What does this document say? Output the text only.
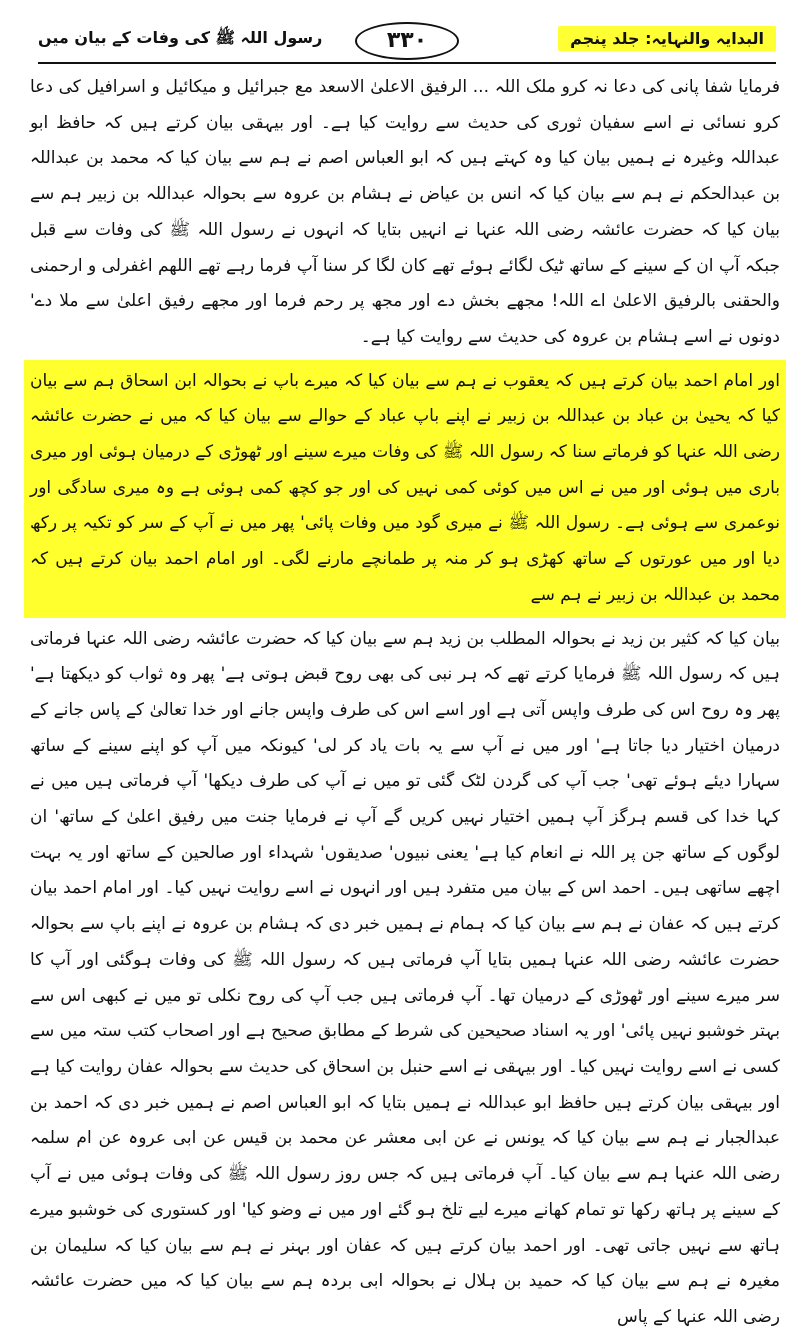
البدایہ والنہایہ: جلد پنجم
۳۳۰
رسول اللہ ﷺ کی وفات کے بیان میں

فرمایا شفا پانی کی دعا نہ کرو ملک اللہ ... الرفیق الاعلیٰ الاسعد مع جبرائیل و میکائیل و اسرافیل کی دعا کرو نسائی نے اسے سفیان ثوری کی حدیث سے روایت کیا ہے۔ اور بیہقی بیان کرتے ہیں کہ حافظ ابو عبداللہ وغیرہ نے ہمیں بیان کیا وہ کہتے ہیں کہ ابو العباس اصم نے ہم سے بیان کیا کہ محمد بن عبداللہ بن عبدالحکم نے ہم سے بیان کیا کہ انس بن عیاض نے ہشام بن عروہ سے بحوالہ عبداللہ بن زبیر ہم سے بیان کیا کہ حضرت عائشہ رضی اللہ عنہا نے انہیں بتایا کہ انہوں نے رسول اللہ ﷺ کی وفات سے قبل جبکہ آپ ان کے سینے کے ساتھ ٹیک لگائے ہوئے تھے کان لگا کر سنا آپ فرما رہے تھے اللھم اغفرلی و ارحمنی والحقنی بالرفیق الاعلیٰ اے اللہ! مجھے بخش دے اور مجھ پر رحم فرما اور مجھے رفیق اعلیٰ سے ملا دے' دونوں نے اسے ہشام بن عروہ کی حدیث سے روایت کیا ہے۔

اور امام احمد بیان کرتے ہیں کہ یعقوب نے ہم سے بیان کیا کہ میرے باپ نے بحوالہ ابن اسحاق ہم سے بیان کیا کہ یحییٰ بن عباد بن عبداللہ بن زبیر نے اپنے باپ عباد کے حوالے سے بیان کیا کہ میں نے حضرت عائشہ رضی اللہ عنہا کو فرماتے سنا کہ رسول اللہ ﷺ کی وفات میرے سینے اور ٹھوڑی کے درمیان ہوئی اور میری باری میں ہوئی اور میں نے اس میں کوئی کمی نہیں کی اور جو کچھ کمی ہوئی ہے وہ میری سادگی اور نوعمری سے ہوئی ہے۔ رسول اللہ ﷺ نے میری گود میں وفات پائی' پھر میں نے آپ کے سر کو تکیہ پر رکھ دیا اور میں عورتوں کے ساتھ کھڑی ہو کر منہ پر طمانچے مارنے لگی۔ اور امام احمد بیان کرتے ہیں کہ محمد بن عبداللہ بن زبیر نے ہم سے

بیان کیا کہ کثیر بن زید نے بحوالہ المطلب بن زید ہم سے بیان کیا کہ حضرت عائشہ رضی اللہ عنہا فرماتی ہیں کہ رسول اللہ ﷺ فرمایا کرتے تھے کہ ہر نبی کی بھی روح قبض ہوتی ہے' پھر وہ ثواب کو دیکھتا ہے' پھر وہ روح اس کی طرف واپس آتی ہے اور اسے اس کی طرف واپس جانے اور خدا تعالیٰ کے پاس جانے کے درمیان اختیار دیا جاتا ہے' اور میں نے آپ سے یہ بات یاد کر لی' کیونکہ میں آپ کو اپنے سینے کے ساتھ سہارا دیئے ہوئے تھی' جب آپ کی گردن لٹک گئی تو میں نے آپ کی طرف دیکھا' آپ فرماتی ہیں میں نے کہا خدا کی قسم ہرگز آپ ہمیں اختیار نہیں کریں گے آپ نے فرمایا جنت میں رفیق اعلیٰ کے ساتھ' ان لوگوں کے ساتھ جن پر اللہ نے انعام کیا ہے' یعنی نبیوں' صدیقوں' شہداء اور صالحین کے ساتھ اور یہ بہت اچھے ساتھی ہیں۔ احمد اس کے بیان میں متفرد ہیں اور انہوں نے اسے روایت نہیں کیا۔ اور امام احمد بیان کرتے ہیں کہ عفان نے ہم سے بیان کیا کہ ہمام نے ہمیں خبر دی کہ ہشام بن عروہ نے اپنے باپ سے بحوالہ حضرت عائشہ رضی اللہ عنہا ہمیں بتایا آپ فرماتی ہیں کہ رسول اللہ ﷺ کی وفات ہوگئی اور آپ کا سر میرے سینے اور ٹھوڑی کے درمیان تھا۔ آپ فرماتی ہیں جب آپ کی روح نکلی تو میں نے کبھی اس سے بہتر خوشبو نہیں پائی' اور یہ اسناد صحیحین کی شرط کے مطابق صحیح ہے اور اصحاب کتب ستہ میں سے کسی نے اسے روایت نہیں کیا۔ اور بیہقی نے اسے حنبل بن اسحاق کی حدیث سے بحوالہ عفان روایت کیا ہے اور بیہقی بیان کرتے ہیں حافظ ابو عبداللہ نے ہمیں بتایا کہ ابو العباس اصم نے ہمیں خبر دی کہ احمد بن عبدالجبار نے ہم سے بیان کیا کہ یونس نے عن ابی معشر عن محمد بن قیس عن ابی عروہ عن ام سلمہ رضی اللہ عنہا ہم سے بیان کیا۔ آپ فرماتی ہیں کہ جس روز رسول اللہ ﷺ کی وفات ہوئی میں نے آپ کے سینے پر ہاتھ رکھا تو تمام کھانے میرے لیے تلخ ہو گئے اور میں نے وضو کیا' اور کستوری کی خوشبو میرے ہاتھ سے نہیں جاتی تھی۔ اور احمد بیان کرتے ہیں کہ عفان اور بہنر نے ہم سے بیان کیا کہ سلیمان بن مغیرہ نے ہم سے بیان کیا کہ حمید بن ہلال نے بحوالہ ابی بردہ ہم سے بیان کیا کہ میں حضرت عائشہ رضی اللہ عنہا کے پاس
